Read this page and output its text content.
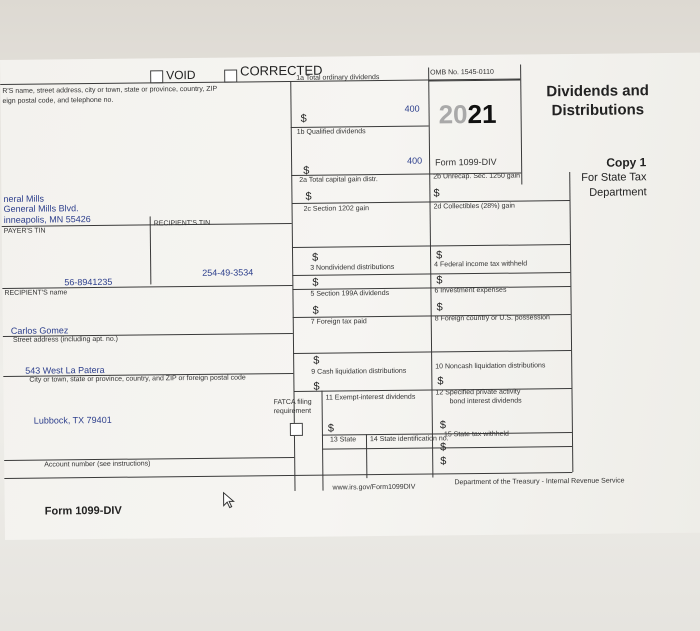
VOID	CORRECTED
R'S name, street address, city or town, state or province, country, ZIP
eign postal code, and telephone no.
neral Mills
General Mills Blvd.
inneapolis, MN 55426
PAYER'S TIN
RECIPIENT'S TIN
56-8941235
254-49-3534
RECIPIENT'S name
Carlos Gomez
Street address (including apt. no.)
543 West La Patera
City or town, state or province, country, and ZIP or foreign postal code
Lubbock, TX 79401
Account number (see instructions)
1a Total ordinary dividends
$
400
1b Qualified dividends
$
400
OMB No. 1545-0110
2021
Form 1099-DIV
2a Total capital gain distr.
$
2b Unrecap. Sec. 1250 gain
$
2c Section 1202 gain	2d Collectibles (28%) gain
$	$
3 Nondividend distributions	4 Federal income tax withheld
$	$
5 Section 199A dividends	6 Investment expenses
$	$
7 Foreign tax paid	8 Foreign country or U.S. possession
$
9 Cash liquidation distributions
10 Noncash liquidation distributions
$	$
FATCA filing
requirement
11 Exempt-interest dividends
12 Specified private activity
bond interest dividends
$	$
13 State 14 State identification no.
15 State tax withheld
$
$
Dividends and
Distributions
Copy 1
For State Tax
Department
Form 1099-DIV
www.irs.gov/Form1099DIV
Department of the Treasury - Internal Revenue Service
